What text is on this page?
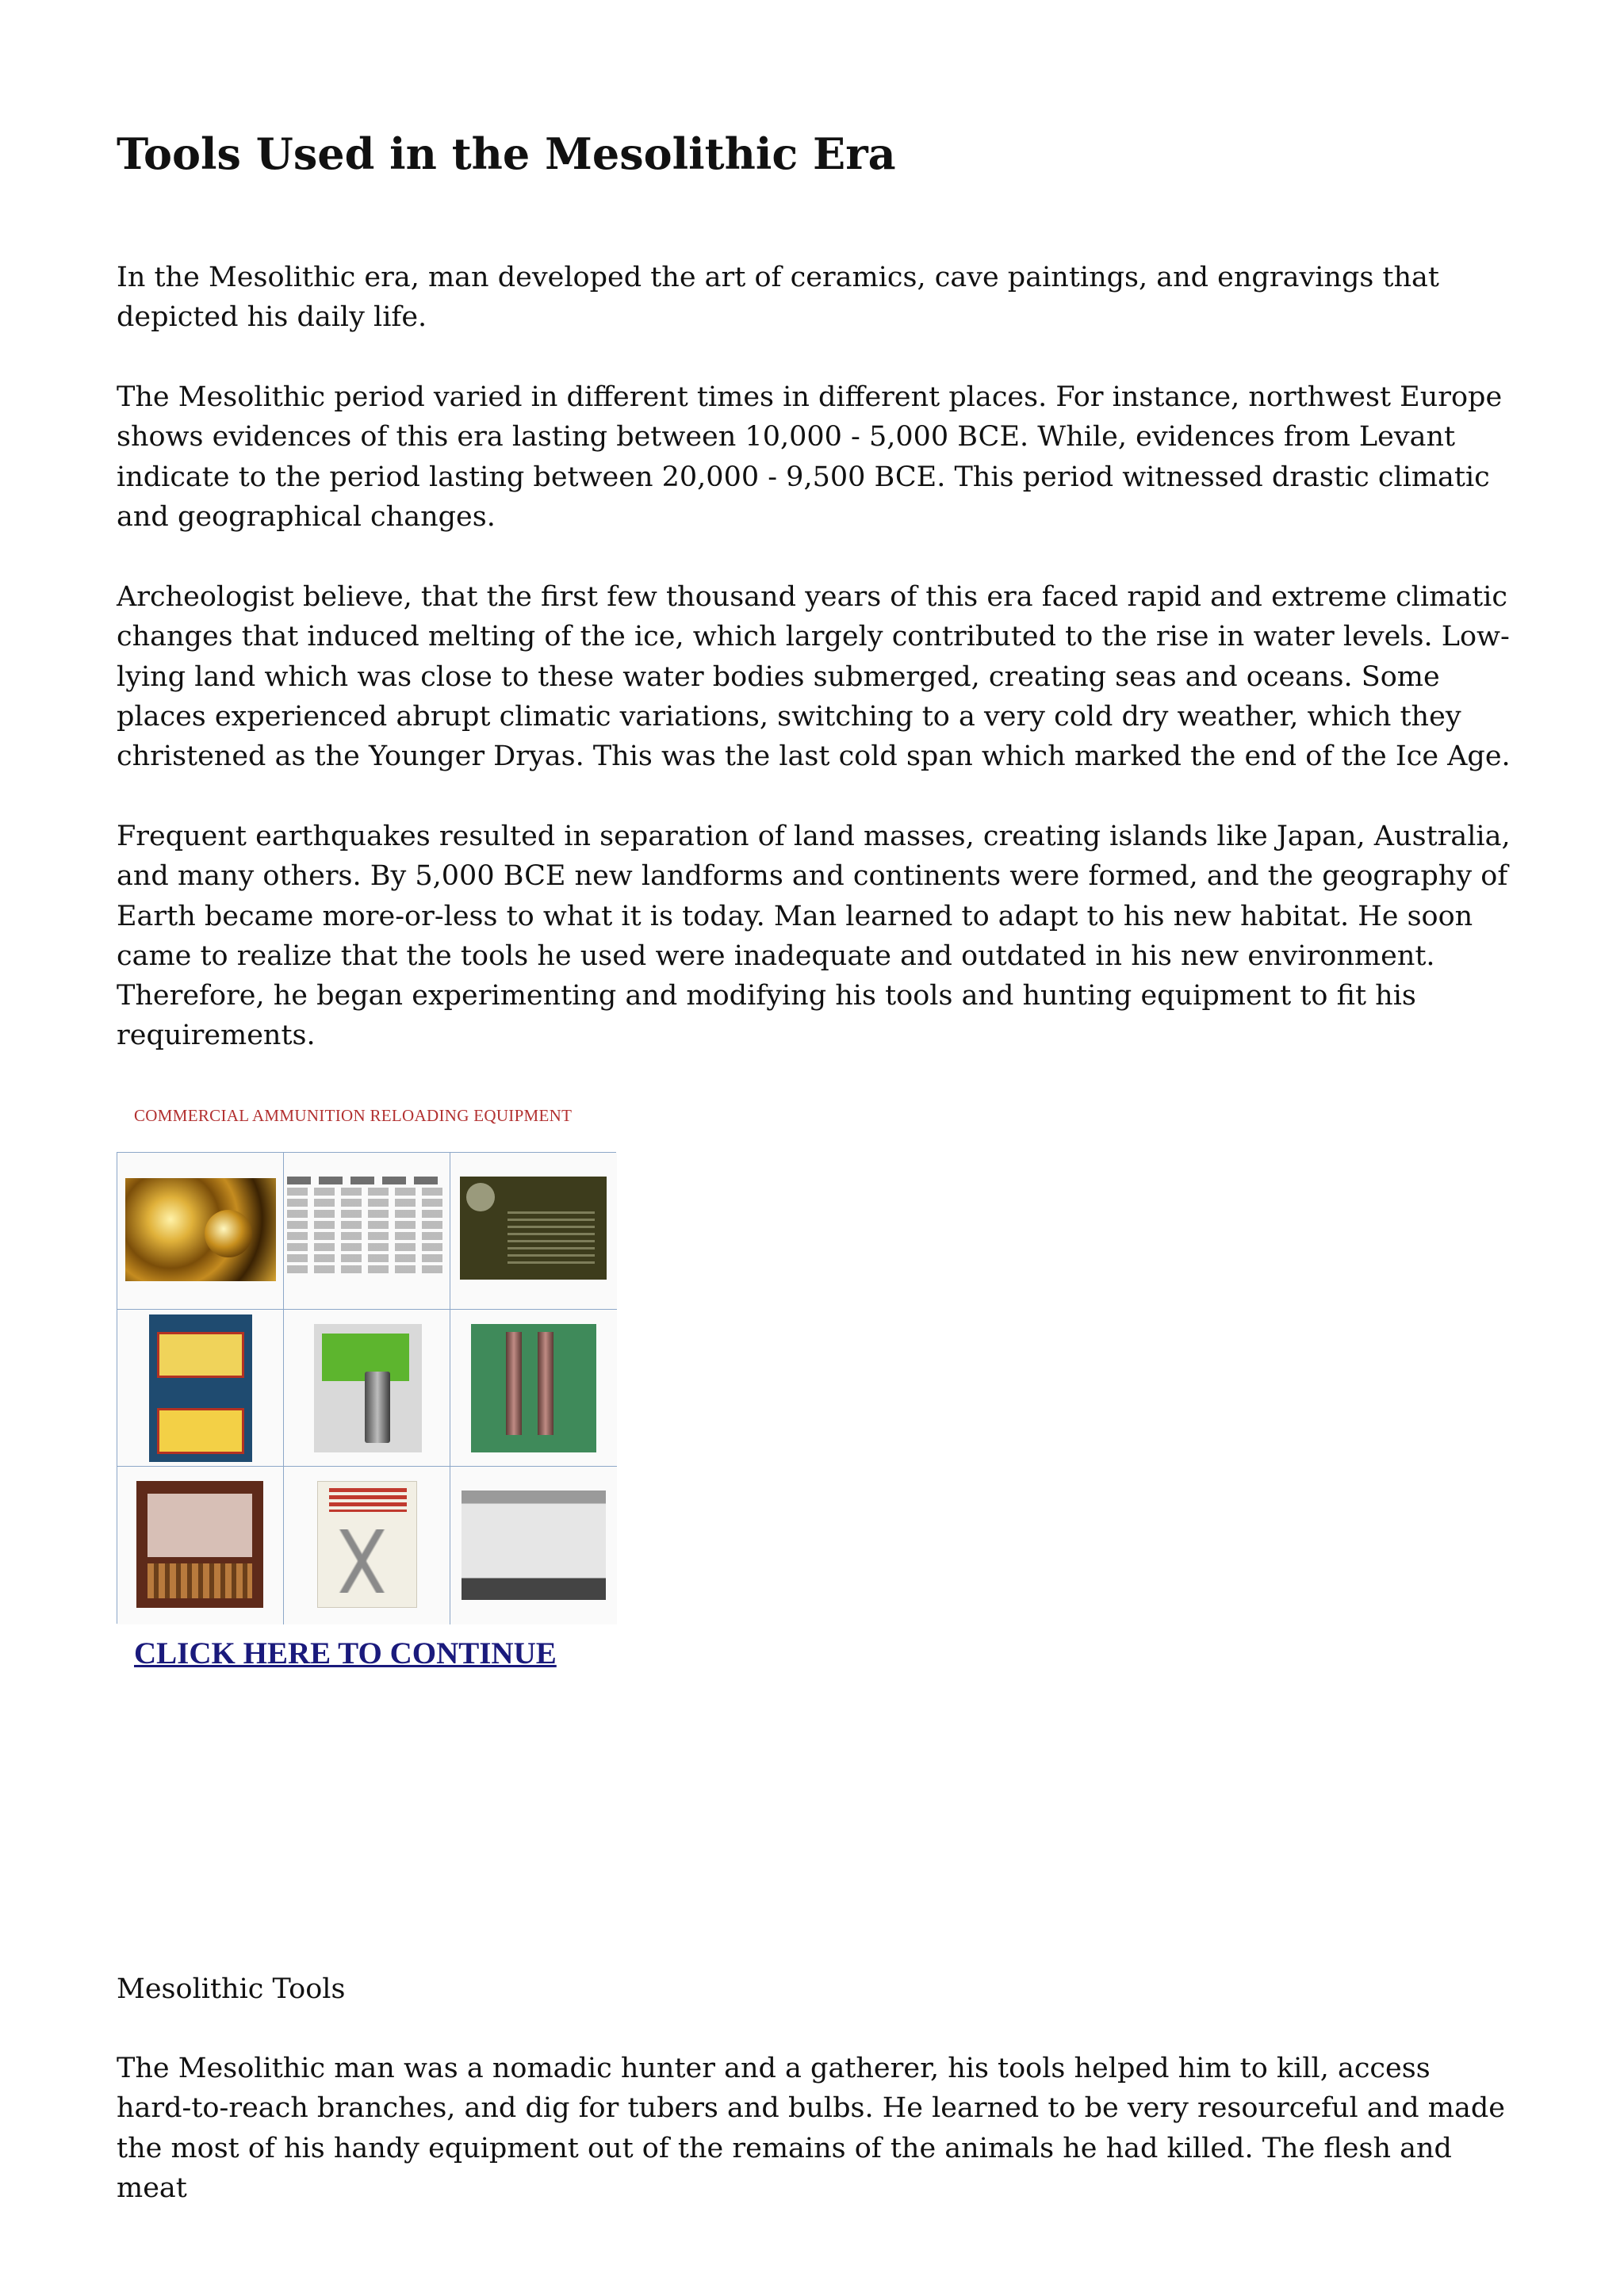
Tools Used in the Mesolithic Era

In the Mesolithic era, man developed the art of ceramics, cave paintings, and engravings that depicted his daily life.

The Mesolithic period varied in different times in different places. For instance, northwest Europe shows evidences of this era lasting between 10,000 - 5,000 BCE. While, evidences from Levant indicate to the period lasting between 20,000 - 9,500 BCE. This period witnessed drastic climatic and geographical changes.

Archeologist believe, that the first few thousand years of this era faced rapid and extreme climatic changes that induced melting of the ice, which largely contributed to the rise in water levels. Low-lying land which was close to these water bodies submerged, creating seas and oceans. Some places experienced abrupt climatic variations, switching to a very cold dry weather, which they christened as the Younger Dryas. This was the last cold span which marked the end of the Ice Age.

Frequent earthquakes resulted in separation of land masses, creating islands like Japan, Australia, and many others. By 5,000 BCE new landforms and continents were formed, and the geography of Earth became more-or-less to what it is today. Man learned to adapt to his new habitat. He soon came to realize that the tools he used were inadequate and outdated in his new environment. Therefore, he began experimenting and modifying his tools and hunting equipment to fit his requirements.

COMMERCIAL AMMUNITION RELOADING EQUIPMENT

CLICK HERE TO CONTINUE

Mesolithic Tools

The Mesolithic man was a nomadic hunter and a gatherer, his tools helped him to kill, access hard-to-reach branches, and dig for tubers and bulbs. He learned to be very resourceful and made the most of his handy equipment out of the remains of the animals he had killed. The flesh and meat
